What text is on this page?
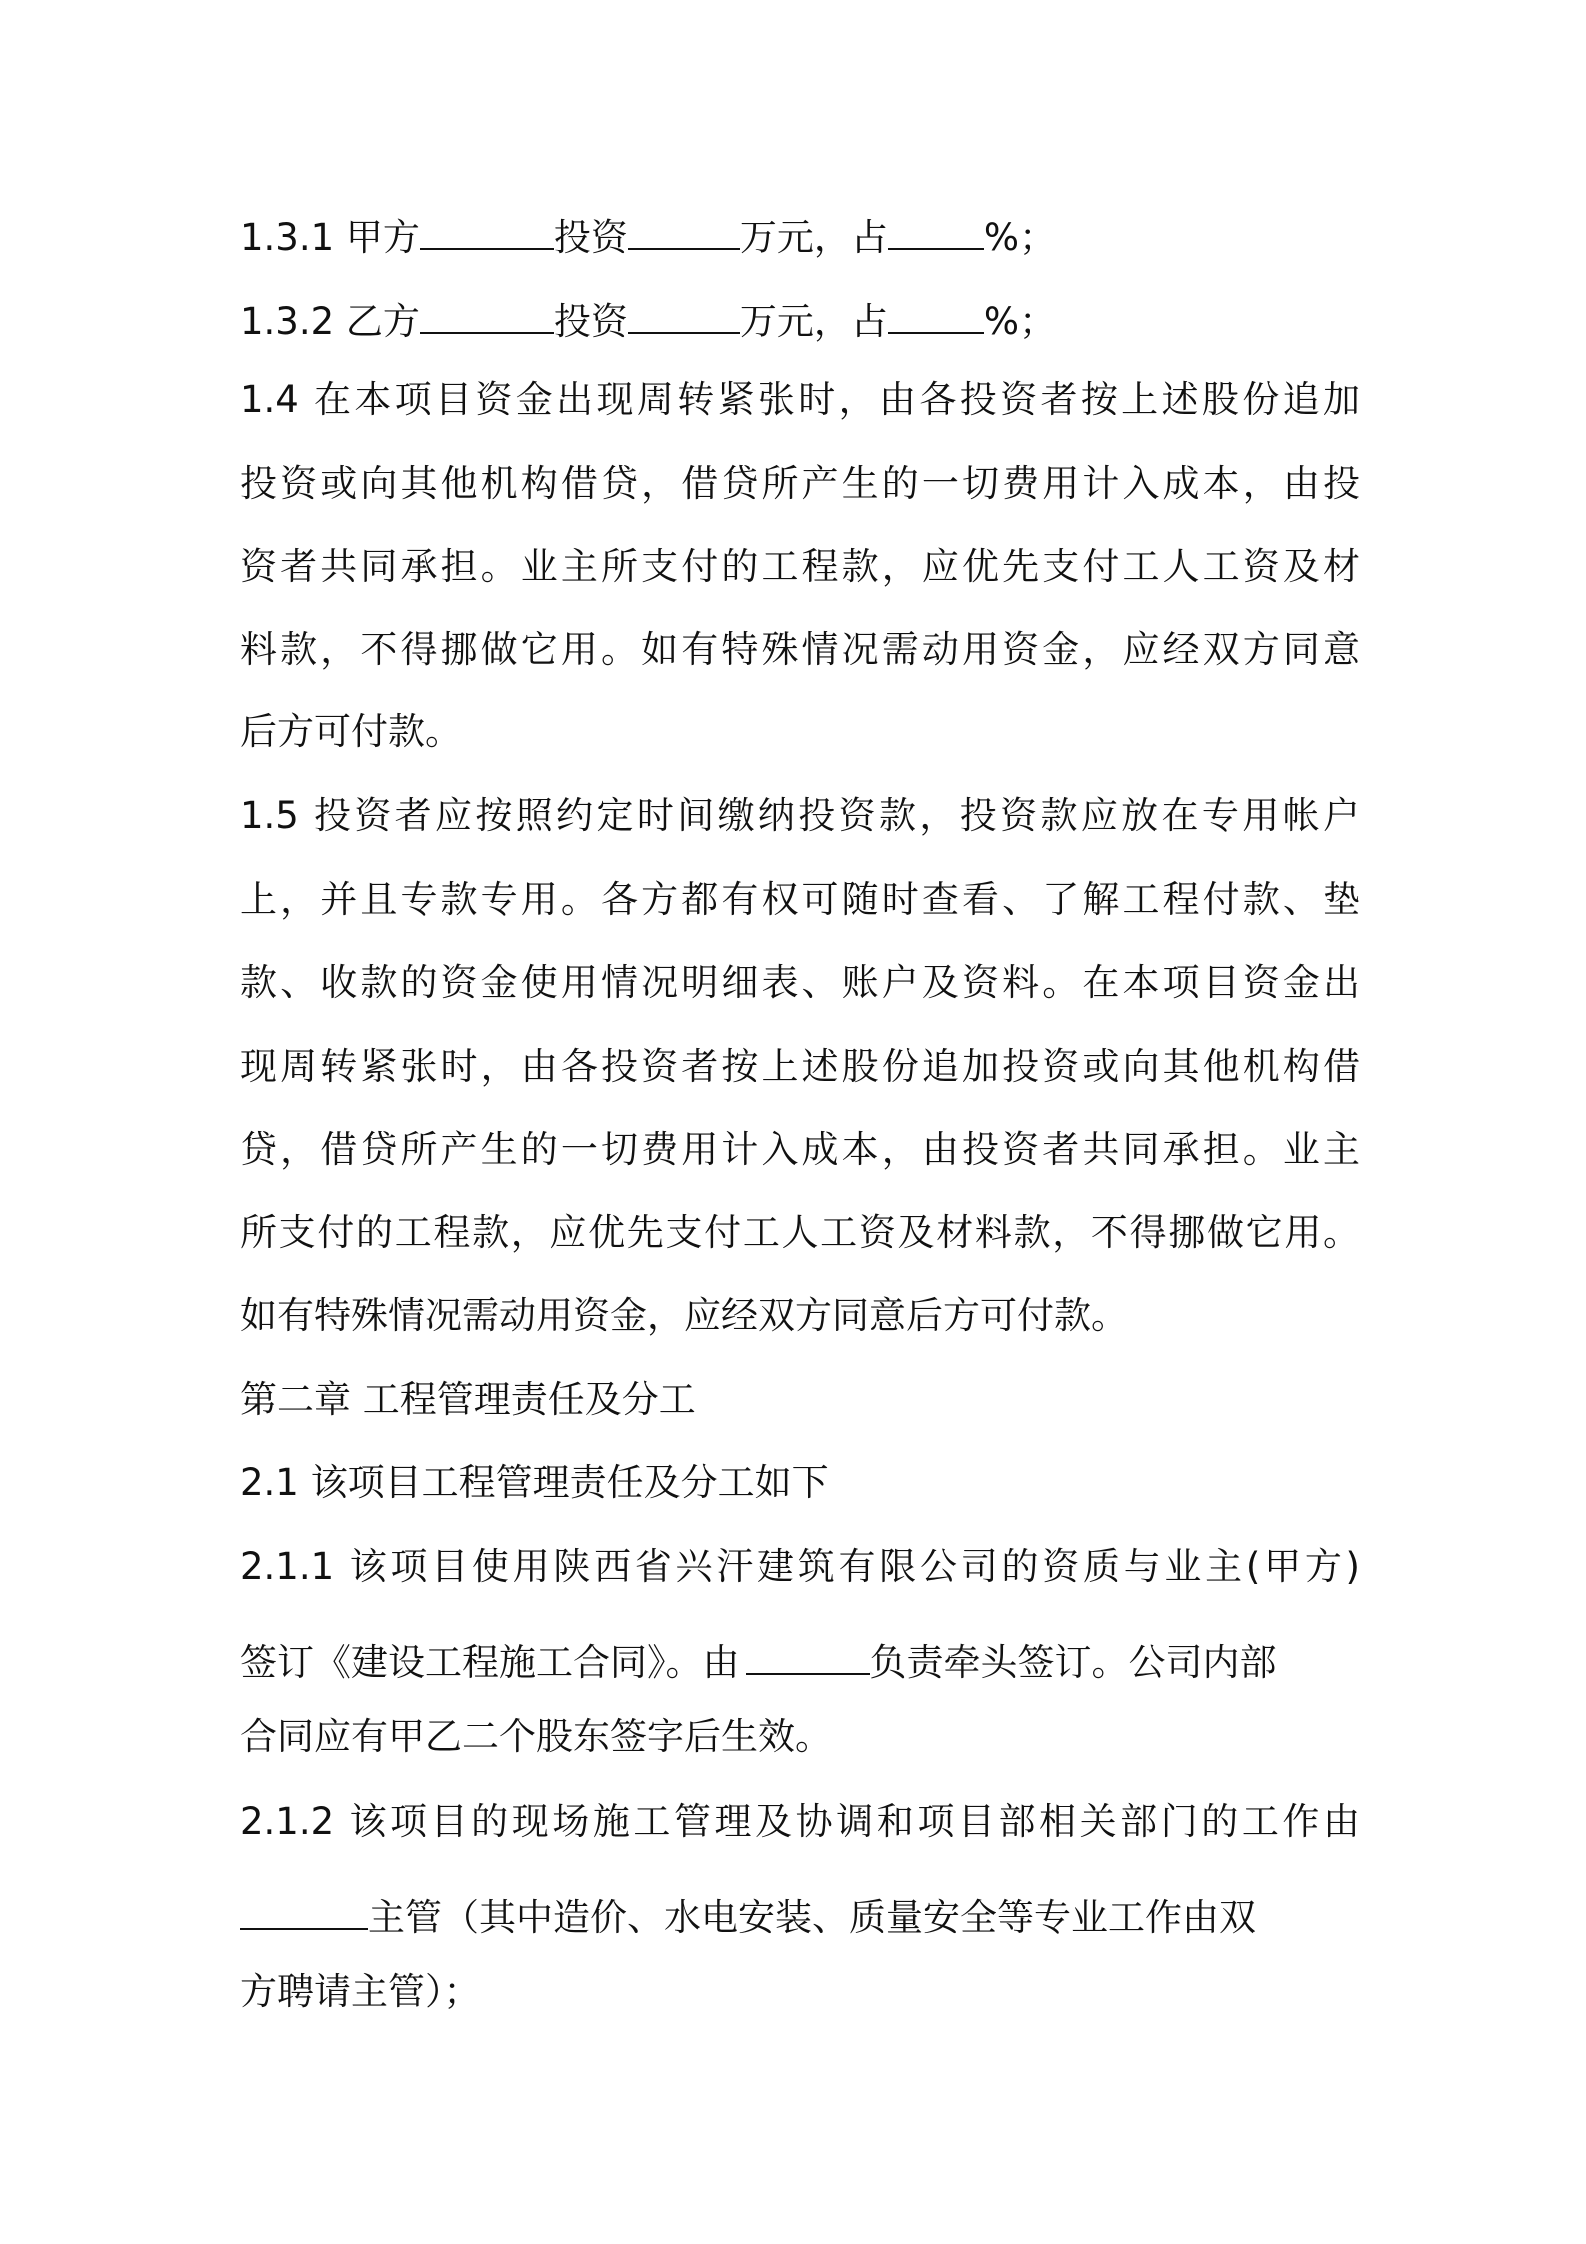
1.3.1 甲方	投资	万元，占	%；
1.3.2 乙方	投资	万元，占	%；
1.4 在本项目资金出现周转紧张时，由各投资者按上述股份追加
投资或向其他机构借贷，借贷所产生的一切费用计入成本，由投
资者共同承担。业主所支付的工程款，应优先支付工人工资及材
料款，不得挪做它用。如有特殊情况需动用资金，应经双方同意
后方可付款。
1.5 投资者应按照约定时间缴纳投资款，投资款应放在专用帐户
上，并且专款专用。各方都有权可随时查看、了解工程付款、垫
款、收款的资金使用情况明细表、账户及资料。在本项目资金出
现周转紧张时，由各投资者按上述股份追加投资或向其他机构借
贷，借贷所产生的一切费用计入成本，由投资者共同承担。业主
所支付的工程款，应优先支付工人工资及材料款，不得挪做它用。
如有特殊情况需动用资金，应经双方同意后方可付款。
第二章 工程管理责任及分工
2.1 该项目工程管理责任及分工如下
2.1.1 该项目使用陕西省兴汗建筑有限公司的资质与业主(甲方)
签订《建设工程施工合同》。由	负责牵头签订。公司内部
合同应有甲乙二个股东签字后生效。
2.1.2 该项目的现场施工管理及协调和项目部相关部门的工作由
主管（其中造价、水电安装、质量安全等专业工作由双
方聘请主管）；
